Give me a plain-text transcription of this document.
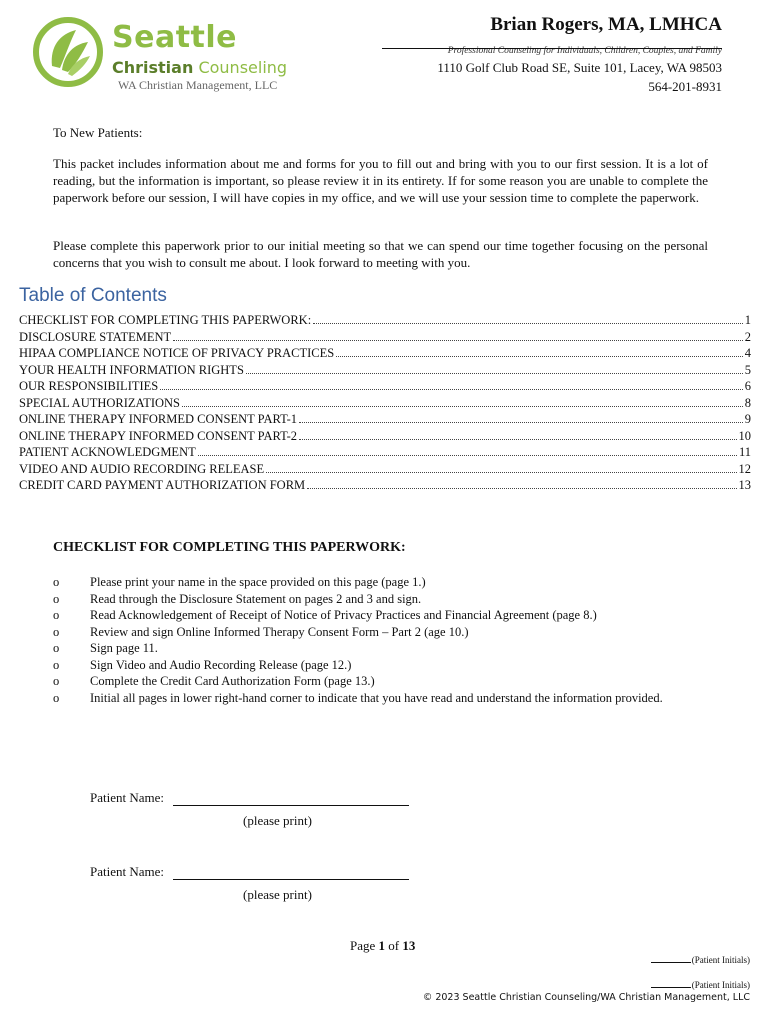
Seattle
Christian Counseling
WA Christian Management, LLC
Brian Rogers, MA, LMHCA
Professional Counseling for Individuals, Children, Couples, and Family
1110 Golf Club Road SE, Suite 101, Lacey, WA 98503
564-201-8931
To New Patients:
This packet includes information about me and forms for you to fill out and bring with you to our first session. It is a lot of reading, but the information is important, so please review it in its entirety. If for some reason you are unable to complete the paperwork before our session, I will have copies in my office, and we will use your session time to complete the paperwork.
Please complete this paperwork prior to our initial meeting so that we can spend our time together focusing on the personal concerns that you wish to consult me about. I look forward to meeting with you.
Table of Contents
CHECKLIST FOR COMPLETING THIS PAPERWORK:	1
DISCLOSURE STATEMENT	2
HIPAA COMPLIANCE NOTICE OF PRIVACY PRACTICES	4
YOUR HEALTH INFORMATION RIGHTS	5
OUR RESPONSIBILITIES	6
SPECIAL AUTHORIZATIONS	8
ONLINE THERAPY INFORMED CONSENT PART-1	9
ONLINE THERAPY INFORMED CONSENT PART-2	10
PATIENT ACKNOWLEDGMENT	11
VIDEO AND AUDIO RECORDING RELEASE	12
CREDIT CARD PAYMENT AUTHORIZATION FORM	13
CHECKLIST FOR COMPLETING THIS PAPERWORK:
o	Please print your name in the space provided on this page (page 1.)
o	Read through the Disclosure Statement on pages 2 and 3 and sign.
o	Read Acknowledgement of Receipt of Notice of Privacy Practices and Financial Agreement (page 8.)
o	Review and sign Online Informed Therapy Consent Form – Part 2 (age 10.)
o	Sign page 11.
o	Sign Video and Audio Recording Release (page 12.)
o	Complete the Credit Card Authorization Form (page 13.)
o	Initial all pages in lower right-hand corner to indicate that you have read and understand the information provided.
Patient Name:
(please print)
Patient Name:
(please print)
Page 1 of 13
(Patient Initials)
(Patient Initials)
© 2023 Seattle Christian Counseling/WA Christian Management, LLC
